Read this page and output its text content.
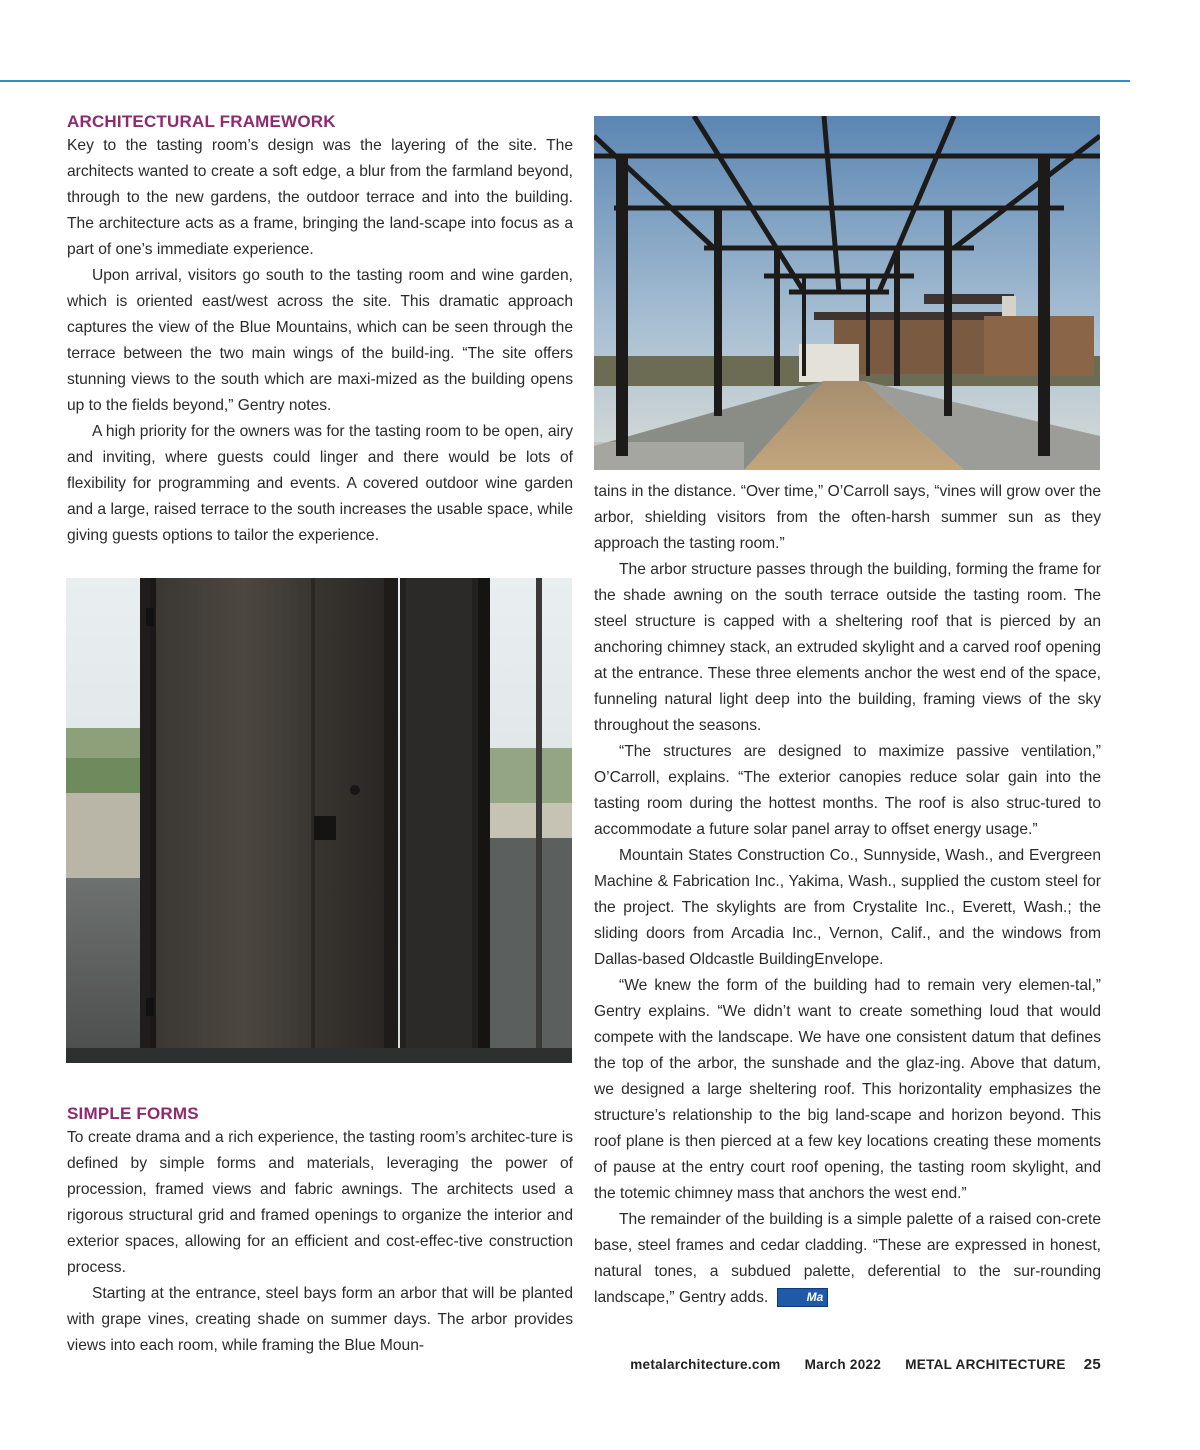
ARCHITECTURAL FRAMEWORK

Key to the tasting room’s design was the layering of the site. The architects wanted to create a soft edge, a blur from the farmland beyond, through to the new gardens, the outdoor terrace and into the building. The architecture acts as a frame, bringing the land-scape into focus as a part of one’s immediate experience.

Upon arrival, visitors go south to the tasting room and wine garden, which is oriented east/west across the site. This dramatic approach captures the view of the Blue Mountains, which can be seen through the terrace between the two main wings of the build-ing. “The site offers stunning views to the south which are maxi-mized as the building opens up to the fields beyond,” Gentry notes.

A high priority for the owners was for the tasting room to be open, airy and inviting, where guests could linger and there would be lots of flexibility for programming and events. A covered outdoor wine garden and a large, raised terrace to the south increases the usable space, while giving guests options to tailor the experience.

SIMPLE FORMS

To create drama and a rich experience, the tasting room’s architec-ture is defined by simple forms and materials, leveraging the power of procession, framed views and fabric awnings. The architects used a rigorous structural grid and framed openings to organize the interior and exterior spaces, allowing for an efficient and cost-effec-tive construction process.

Starting at the entrance, steel bays form an arbor that will be planted with grape vines, creating shade on summer days. The arbor provides views into each room, while framing the Blue Moun-

tains in the distance. “Over time,” O’Carroll says, “vines will grow over the arbor, shielding visitors from the often-harsh summer sun as they approach the tasting room.”

The arbor structure passes through the building, forming the frame for the shade awning on the south terrace outside the tasting room. The steel structure is capped with a sheltering roof that is pierced by an anchoring chimney stack, an extruded skylight and a carved roof opening at the entrance. These three elements anchor the west end of the space, funneling natural light deep into the building, framing views of the sky throughout the seasons.

“The structures are designed to maximize passive ventilation,” O’Carroll, explains. “The exterior canopies reduce solar gain into the tasting room during the hottest months. The roof is also struc-tured to accommodate a future solar panel array to offset energy usage.”

Mountain States Construction Co., Sunnyside, Wash., and Evergreen Machine & Fabrication Inc., Yakima, Wash., supplied the custom steel for the project. The skylights are from Crystalite Inc., Everett, Wash.; the sliding doors from Arcadia Inc., Vernon, Calif., and the windows from Dallas-based Oldcastle BuildingEnvelope.

“We knew the form of the building had to remain very elemen-tal,” Gentry explains. “We didn’t want to create something loud that would compete with the landscape. We have one consistent datum that defines the top of the arbor, the sunshade and the glaz-ing. Above that datum, we designed a large sheltering roof. This horizontality emphasizes the structure’s relationship to the big land-scape and horizon beyond. This roof plane is then pierced at a few key locations creating these moments of pause at the entry court roof opening, the tasting room skylight, and the totemic chimney mass that anchors the west end.”

The remainder of the building is a simple palette of a raised con-crete base, steel frames and cedar cladding. “These are expressed in honest, natural tones, a subdued palette, deferential to the sur-rounding landscape,” Gentry adds.	Ma

metalarchitecture.com March 2022 METAL ARCHITECTURE 25
